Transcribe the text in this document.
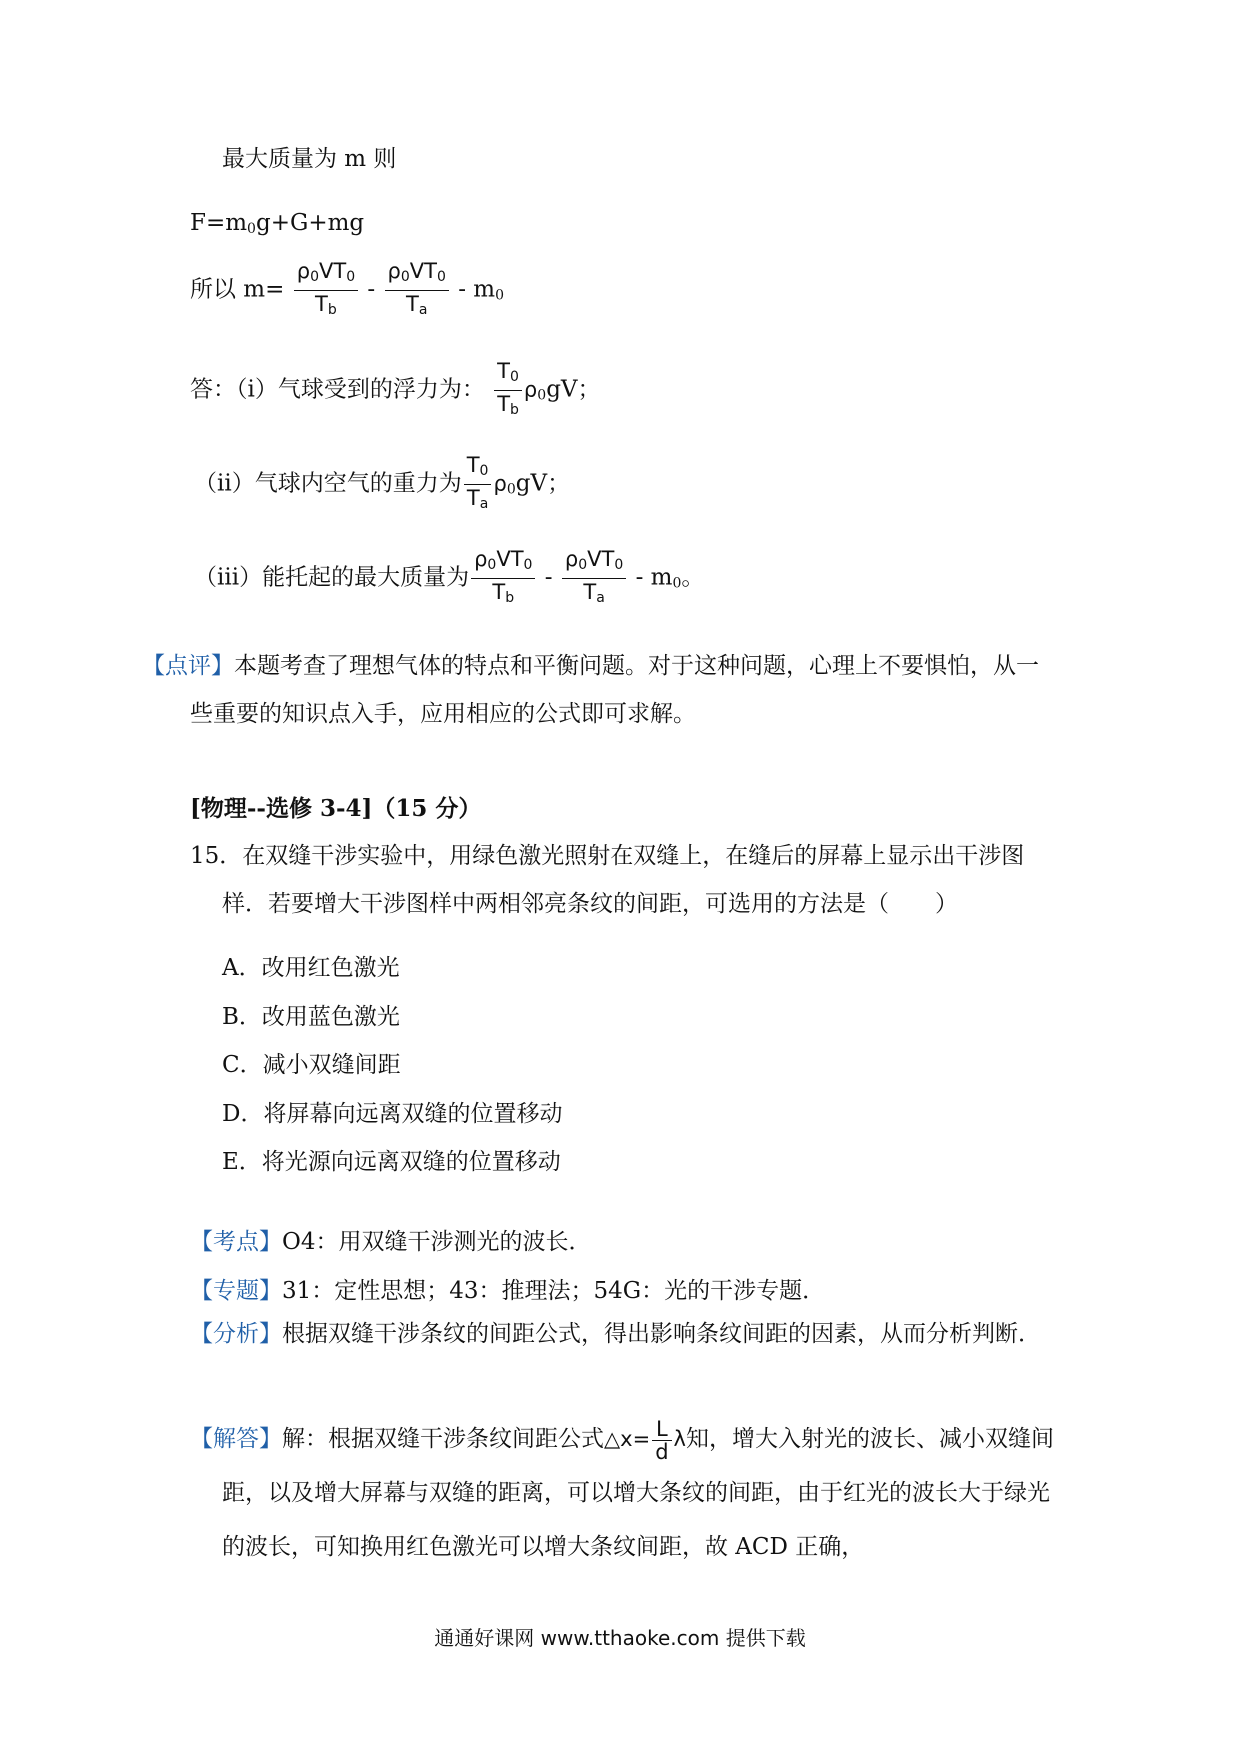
最大质量为 m 则
$F=m_0g+G+mg$
所以 $m= \frac{\rho_0VT_0}{T_b} - \frac{\rho_0VT_0}{T_a} - m_0$
答：（i）气球受到的浮力为： $\frac{T_0}{T_b} \rho_0gV$；
（ii）气球内空气的重力为 $\frac{T_0}{T_a} \rho_0gV$；
（iii）能托起的最大质量为 $\frac{\rho_0VT_0}{T_b} - \frac{\rho_0VT_0}{T_a} - m_0$。
【点评】本题考查了理想气体的特点和平衡问题。对于这种问题，心理上不要惧怕，从一些重要的知识点入手，应用相应的公式即可求解。
[物理--选修 3-4]（15 分）
15．在双缝干涉实验中，用绿色激光照射在双缝上，在缝后的屏幕上显示出干涉图样．若要增大干涉图样中两相邻亮条纹的间距，可选用的方法是（　　）
A．改用红色激光
B．改用蓝色激光
C．减小双缝间距
D．将屏幕向远离双缝的位置移动
E．将光源向远离双缝的位置移动
【考点】O4：用双缝干涉测光的波长．
【专题】31：定性思想；43：推理法；54G：光的干涉专题．
【分析】根据双缝干涉条纹的间距公式，得出影响条纹间距的因素，从而分析判断．
【解答】解：根据双缝干涉条纹间距公式△x= $\frac{L}{d}$ λ知，增大入射光的波长、减小双缝间距，以及增大屏幕与双缝的距离，可以增大条纹的间距，由于红光的波长大于绿光的波长，可知换用红色激光可以增大条纹间距，故 ACD 正确，
通通好课网 www.tthaoke.com 提供下载
